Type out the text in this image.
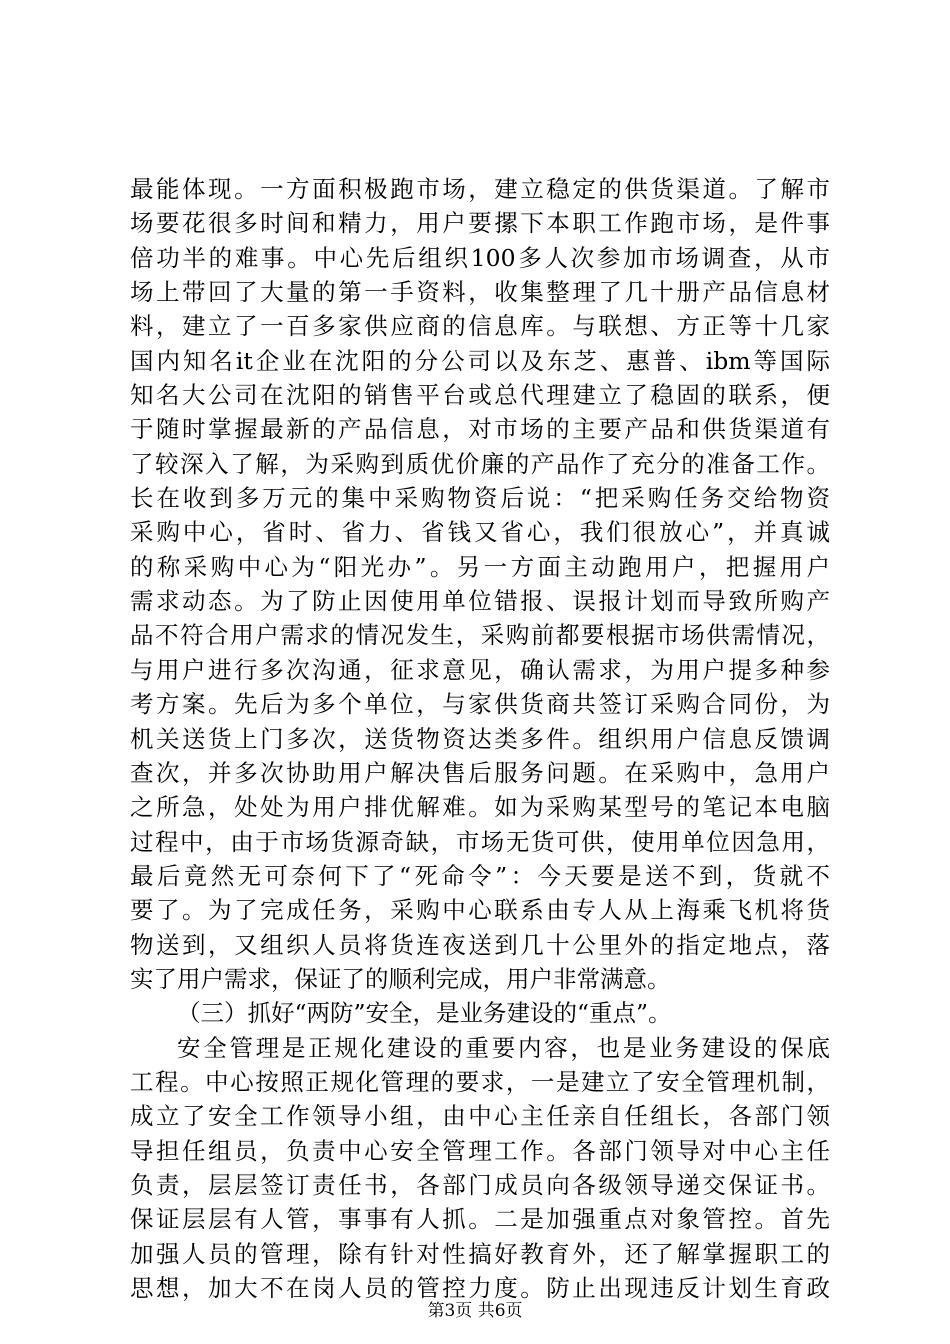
最能体现。一方面积极跑市场，建立稳定的供货渠道。了解市
场要花很多时间和精力，用户要摞下本职工作跑市场，是件事
倍功半的难事。中心先后组织100多人次参加市场调查，从市
场上带回了大量的第一手资料，收集整理了几十册产品信息材
料，建立了一百多家供应商的信息库。与联想、方正等十几家
国内知名it企业在沈阳的分公司以及东芝、惠普、ibm等国际
知名大公司在沈阳的销售平台或总代理建立了稳固的联系，便
于随时掌握最新的产品信息，对市场的主要产品和供货渠道有
了较深入了解，为采购到质优价廉的产品作了充分的准备工作。
长在收到多万元的集中采购物资后说：“把采购任务交给物资
采购中心，省时、省力、省钱又省心，我们很放心”，并真诚
的称采购中心为“阳光办”。另一方面主动跑用户，把握用户
需求动态。为了防止因使用单位错报、误报计划而导致所购产
品不符合用户需求的情况发生，采购前都要根据市场供需情况，
与用户进行多次沟通，征求意见，确认需求，为用户提多种参
考方案。先后为多个单位，与家供货商共签订采购合同份，为
机关送货上门多次，送货物资达类多件。组织用户信息反馈调
查次，并多次协助用户解决售后服务问题。在采购中，急用户
之所急，处处为用户排优解难。如为采购某型号的笔记本电脑
过程中，由于市场货源奇缺，市场无货可供，使用单位因急用，
最后竟然无可奈何下了“死命令”：今天要是送不到，货就不
要了。为了完成任务，采购中心联系由专人从上海乘飞机将货
物送到，又组织人员将货连夜送到几十公里外的指定地点，落
实了用户需求，保证了的顺利完成，用户非常满意。
（三）抓好“两防”安全，是业务建设的“重点”。
安全管理是正规化建设的重要内容，也是业务建设的保底
工程。中心按照正规化管理的要求，一是建立了安全管理机制，
成立了安全工作领导小组，由中心主任亲自任组长，各部门领
导担任组员，负责中心安全管理工作。各部门领导对中心主任
负责，层层签订责任书，各部门成员向各级领导递交保证书。
保证层层有人管，事事有人抓。二是加强重点对象管控。首先
加强人员的管理，除有针对性搞好教育外，还了解掌握职工的
思想，加大不在岗人员的管控力度。防止出现违反计划生育政
第3页 共6页
